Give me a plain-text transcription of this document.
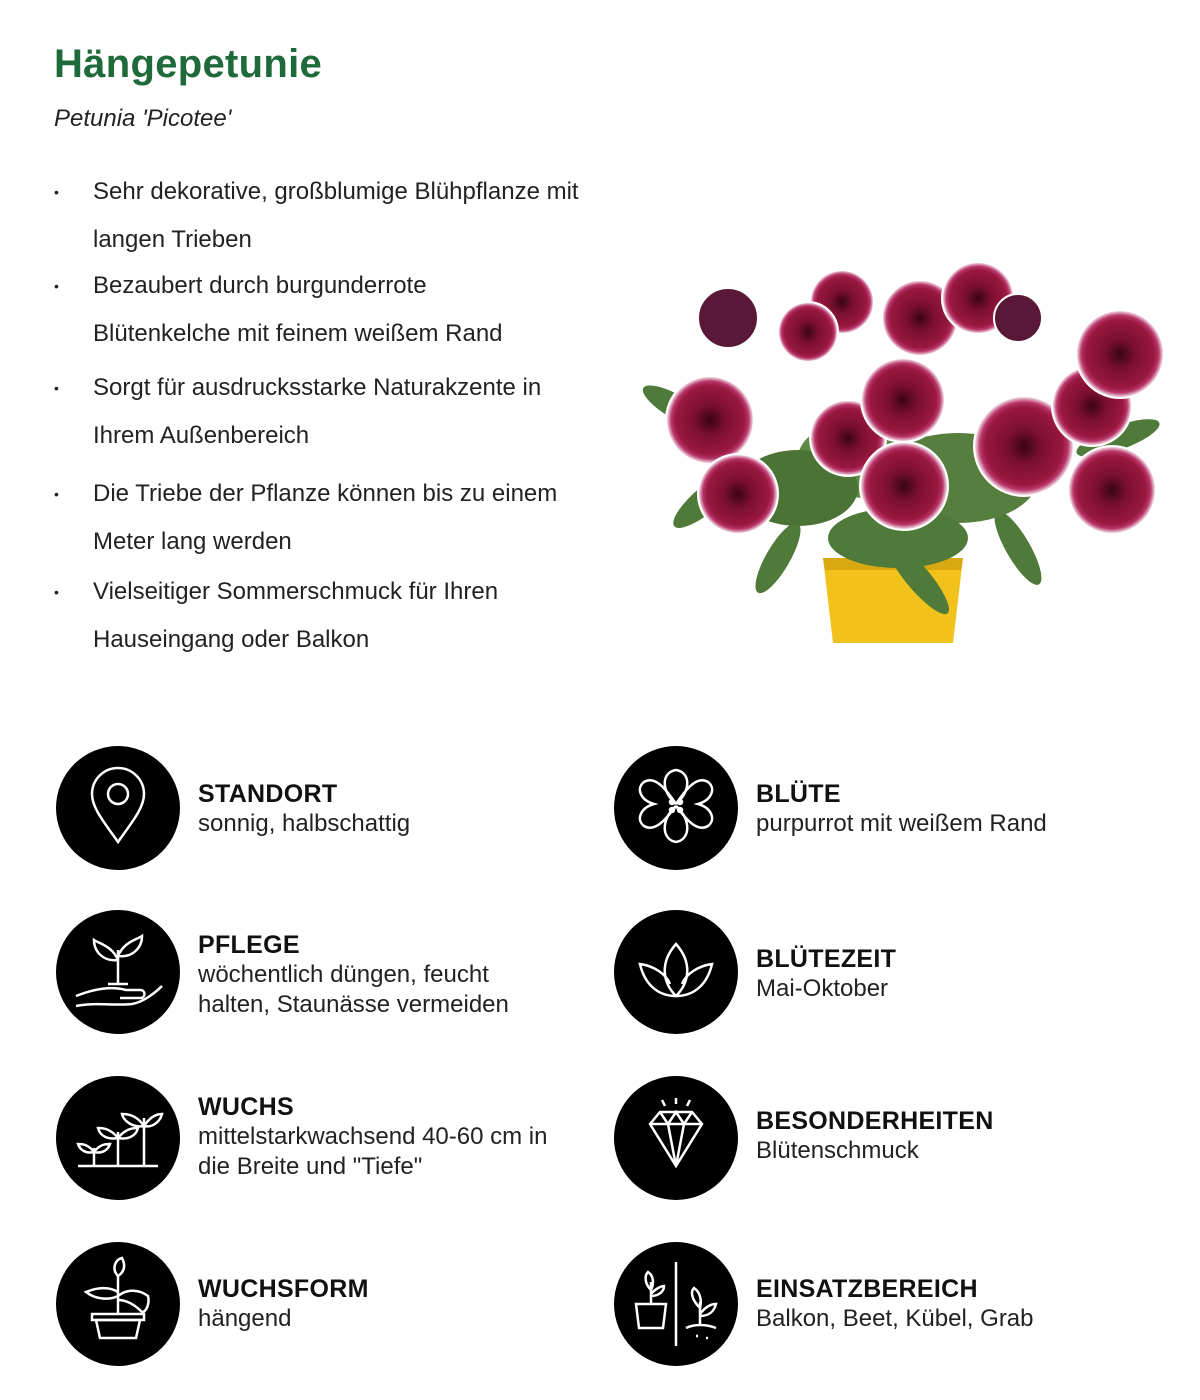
Hängepetunie
Petunia 'Picotee'
• Sehr dekorative, großblumige Blühpflanze mit langen Trieben
• Bezaubert durch burgunderrote Blütenkelche mit feinem weißem Rand
• Sorgt für ausdrucksstarke Naturakzente in Ihrem Außenbereich
• Die Triebe der Pflanze können bis zu einem Meter lang werden
• Vielseitiger Sommerschmuck für Ihren Hauseingang oder Balkon
STANDORT
sonnig, halbschattig
BLÜTE
purpurrot mit weißem Rand
PFLEGE
wöchentlich düngen, feucht halten, Staunässe vermeiden
BLÜTEZEIT
Mai-Oktober
WUCHS
mittelstarkwachsend 40-60 cm in die Breite und "Tiefe"
BESONDERHEITEN
Blütenschmuck
WUCHSFORM
hängend
EINSATZBEREICH
Balkon, Beet, Kübel, Grab
